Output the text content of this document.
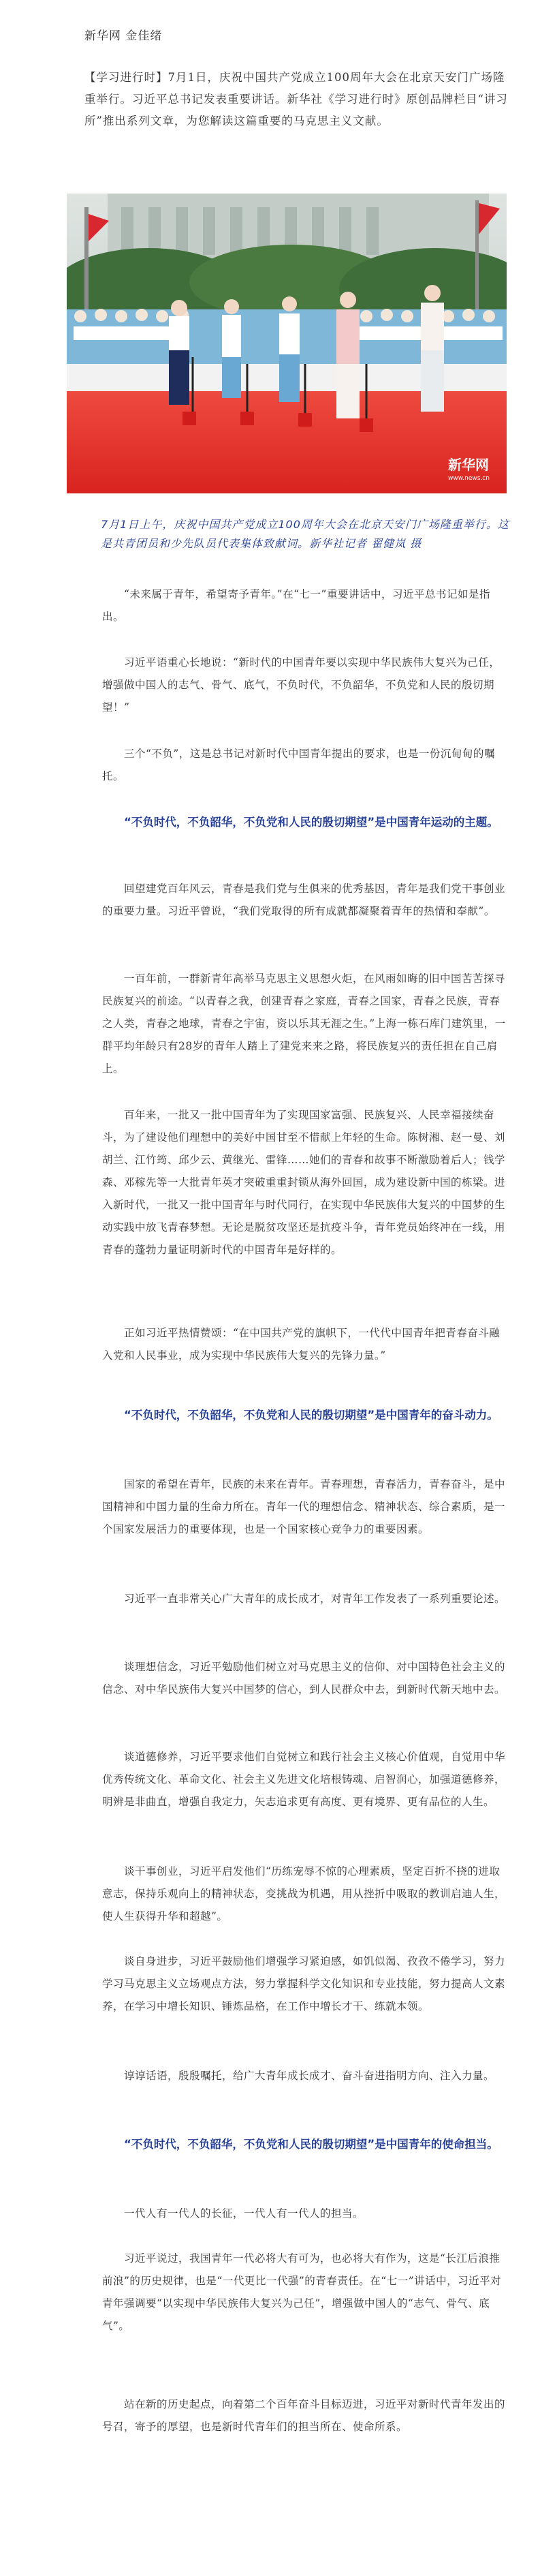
新华网 金佳绪
【学习进行时】7月1日，庆祝中国共产党成立100周年大会在北京天安门广场隆重举行。习近平总书记发表重要讲话。新华社《学习进行时》原创品牌栏目“讲习所”推出系列文章，为您解读这篇重要的马克思主义文献。
新华网
www.news.cn
7月1日上午，庆祝中国共产党成立100周年大会在北京天安门广场隆重举行。这是共青团员和少先队员代表集体致献词。新华社记者 翟健岚 摄
“未来属于青年，希望寄予青年。”在“七一”重要讲话中，习近平总书记如是指出。
习近平语重心长地说：“新时代的中国青年要以实现中华民族伟大复兴为己任，增强做中国人的志气、骨气、底气，不负时代，不负韶华，不负党和人民的殷切期望！”
三个“不负”，这是总书记对新时代中国青年提出的要求，也是一份沉甸甸的嘱托。
“不负时代，不负韶华，不负党和人民的殷切期望”是中国青年运动的主题。
回望建党百年风云，青春是我们党与生俱来的优秀基因，青年是我们党干事创业的重要力量。习近平曾说，“我们党取得的所有成就都凝聚着青年的热情和奉献”。
一百年前，一群新青年高举马克思主义思想火炬，在风雨如晦的旧中国苦苦探寻民族复兴的前途。“以青春之我，创建青春之家庭，青春之国家，青春之民族，青春之人类，青春之地球，青春之宇宙，资以乐其无涯之生。”上海一栋石库门建筑里，一群平均年龄只有28岁的青年人踏上了建党来来之路，将民族复兴的责任担在自己肩上。
百年来，一批又一批中国青年为了实现国家富强、民族复兴、人民幸福接续奋斗，为了建设他们理想中的美好中国甘至不惜献上年轻的生命。陈树湘、赵一曼、刘胡兰、江竹筠、邱少云、黄继光、雷锋……她们的青春和故事不断激励着后人；钱学森、邓稼先等一大批青年英才突破重重封锁从海外回国，成为建设新中国的栋梁。进入新时代，一批又一批中国青年与时代同行，在实现中华民族伟大复兴的中国梦的生动实践中放飞青春梦想。无论是脱贫攻坚还是抗疫斗争，青年党员始终冲在一线，用青春的蓬勃力量证明新时代的中国青年是好样的。
正如习近平热情赞颂：“在中国共产党的旗帜下，一代代中国青年把青春奋斗融入党和人民事业，成为实现中华民族伟大复兴的先锋力量。”
“不负时代，不负韶华，不负党和人民的殷切期望”是中国青年的奋斗动力。
国家的希望在青年，民族的未来在青年。青春理想，青春活力，青春奋斗，是中国精神和中国力量的生命力所在。青年一代的理想信念、精神状态、综合素质，是一个国家发展活力的重要体现，也是一个国家核心竞争力的重要因素。
习近平一直非常关心广大青年的成长成才，对青年工作发表了一系列重要论述。
谈理想信念，习近平勉励他们树立对马克思主义的信仰、对中国特色社会主义的信念、对中华民族伟大复兴中国梦的信心，到人民群众中去，到新时代新天地中去。
谈道德修养，习近平要求他们自觉树立和践行社会主义核心价值观，自觉用中华优秀传统文化、革命文化、社会主义先进文化培根铸魂、启智润心，加强道德修养，明辨是非曲直，增强自我定力，矢志追求更有高度、更有境界、更有品位的人生。
谈干事创业，习近平启发他们“历练宠辱不惊的心理素质，坚定百折不挠的进取意志，保持乐观向上的精神状态，变挑战为机遇，用从挫折中吸取的教训启迪人生，使人生获得升华和超越”。
谈自身进步，习近平鼓励他们增强学习紧迫感，如饥似渴、孜孜不倦学习，努力学习马克思主义立场观点方法，努力掌握科学文化知识和专业技能，努力提高人文素养，在学习中增长知识、锤炼品格，在工作中增长才干、练就本领。
谆谆话语，殷殷嘱托，给广大青年成长成才、奋斗奋进指明方向、注入力量。
“不负时代，不负韶华，不负党和人民的殷切期望”是中国青年的使命担当。
一代人有一代人的长征，一代人有一代人的担当。
习近平说过，我国青年一代必将大有可为，也必将大有作为，这是“长江后浪推前浪”的历史规律，也是“一代更比一代强”的青春责任。在“七一”讲话中，习近平对青年强调要“以实现中华民族伟大复兴为己任”，增强做中国人的“志气、骨气、底气”。
站在新的历史起点，向着第二个百年奋斗目标迈进，习近平对新时代青年发出的号召，寄予的厚望，也是新时代青年们的担当所在、使命所系。
